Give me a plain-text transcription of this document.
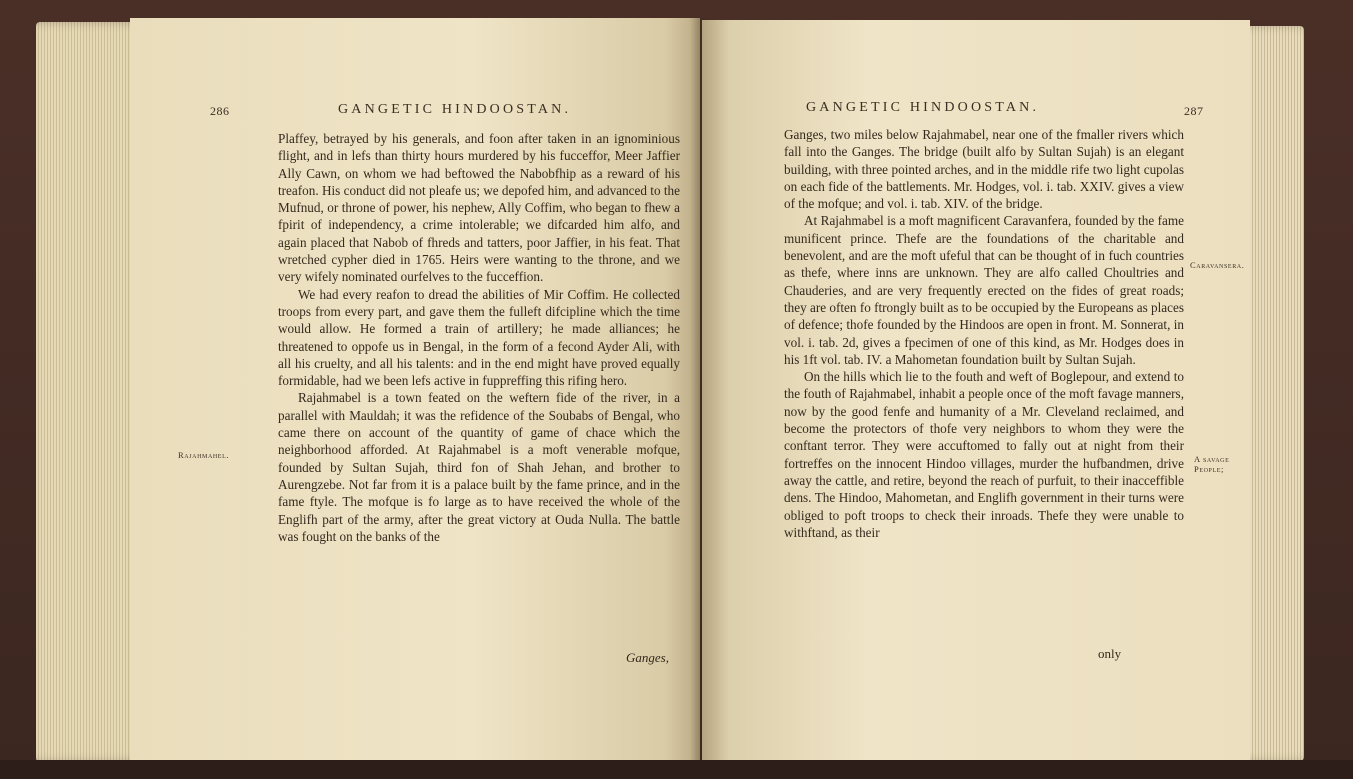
286	GANGETIC HINDOOSTAN.

Plaffey, betrayed by his generals, and foon after taken in an ignominious flight, and in lefs than thirty hours murdered by his fucceffor, Meer Jaffier Ally Cawn, on whom we had beftowed the Nabobfhip as a reward of his treafon. His conduct did not pleafe us; we depofed him, and advanced to the Mufnud, or throne of power, his nephew, Ally Coffim, who began to fhew a fpirit of independency, a crime intolerable; we difcarded him alfo, and again placed that Nabob of fhreds and tatters, poor Jaffier, in his feat. That wretched cypher died in 1765. Heirs were wanting to the throne, and we very wifely nominated ourfelves to the fucceffion.

We had every reafon to dread the abilities of Mir Coffim. He collected troops from every part, and gave them the fulleft difcipline which the time would allow. He formed a train of artillery; he made alliances; he threatened to oppofe us in Bengal, in the form of a fecond Ayder Ali, with all his cruelty, and all his talents: and in the end might have proved equally formidable, had we been lefs active in fuppreffing this rifing hero.

Rajahmabel is a town feated on the weftern fide of the river, in a parallel with Mauldah; it was the refidence of the Soubabs of Bengal, who came there on account of the quantity of game of chace which the neighborhood afforded. At Rajahmabel is a moft venerable mofque, founded by Sultan Sujah, third fon of Shah Jehan, and brother to Aurengzebe. Not far from it is a palace built by the fame prince, and in the fame ftyle. The mofque is fo large as to have received the whole of the Englifh part of the army, after the great victory at Ouda Nulla. The battle was fought on the banks of the

Ganges,
Rajahmahel.
GANGETIC HINDOOSTAN.	287

Ganges, two miles below Rajahmabel, near one of the fmaller rivers which fall into the Ganges. The bridge (built alfo by Sultan Sujah) is an elegant building, with three pointed arches, and in the middle rife two light cupolas on each fide of the battlements. Mr. Hodges, vol. i. tab. XXIV. gives a view of the mofque; and vol. i. tab. XIV. of the bridge.

At Rajahmabel is a moft magnificent Caravanfera, founded by the fame munificent prince. Thefe are the foundations of the charitable and benevolent, and are the moft ufeful that can be thought of in fuch countries as thefe, where inns are unknown. They are alfo called Choultries and Chauderies, and are very frequently erected on the fides of great roads; they are often fo ftrongly built as to be occupied by the Europeans as places of defence; thofe founded by the Hindoos are open in front. M. Sonnerat, in vol. i. tab. 2d, gives a fpecimen of one of this kind, as Mr. Hodges does in his 1ft vol. tab. IV. a Mahometan foundation built by Sultan Sujah.

On the hills which lie to the fouth and weft of Boglepour, and extend to the fouth of Rajahmabel, inhabit a people once of the moft favage manners, now by the good fenfe and humanity of a Mr. Cleveland reclaimed, and become the protectors of thofe very neighbors to whom they were the conftant terror. They were accuftomed to fally out at night from their fortreffes on the innocent Hindoo villages, murder the hufbandmen, drive away the cattle, and retire, beyond the reach of purfuit, to their inacceffible dens. The Hindoo, Mahometan, and Englifh government in their turns were obliged to poft troops to check their inroads. Thefe they were unable to withftand, as their

only
Caravansera.
A savage
People;
